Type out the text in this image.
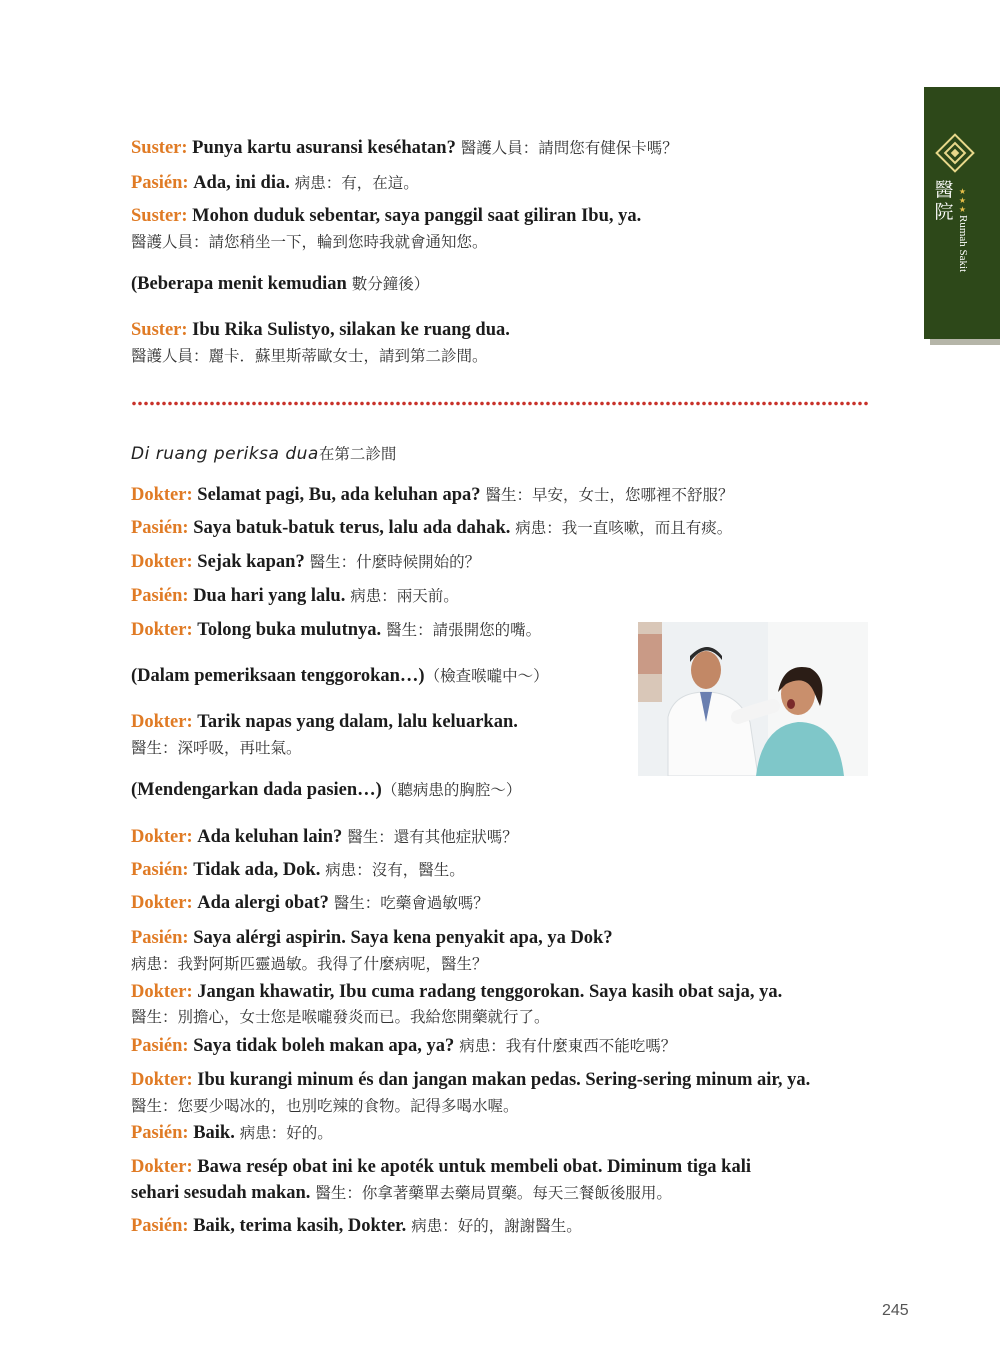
醫院 ★★★
Rumah Sakit
Suster: Punya kartu asuransi keséhatan? 醫護人員：請問您有健保卡嗎？
Pasién: Ada, ini dia. 病患：有，在這。
Suster: Mohon duduk sebentar, saya panggil saat giliran Ibu, ya.
醫護人員：請您稍坐一下，輪到您時我就會通知您。
(Beberapa menit kemudian 數分鐘後）
Suster: Ibu Rika Sulistyo, silakan ke ruang dua.
醫護人員：麗卡．蘇里斯蒂歐女士，請到第二診間。
Di ruang periksa dua在第二診間
Dokter: Selamat pagi, Bu, ada keluhan apa? 醫生：早安，女士，您哪裡不舒服？
Pasién: Saya batuk-batuk terus, lalu ada dahak. 病患：我一直咳嗽，而且有痰。
Dokter: Sejak kapan? 醫生：什麼時候開始的？
Pasién: Dua hari yang lalu. 病患：兩天前。
Dokter: Tolong buka mulutnya. 醫生：請張開您的嘴。
(Dalam pemeriksaan tenggorokan…)（檢查喉嚨中～）
Dokter: Tarik napas yang dalam, lalu keluarkan.
醫生：深呼吸，再吐氣。
(Mendengarkan dada pasien…)（聽病患的胸腔～）
Dokter: Ada keluhan lain? 醫生：還有其他症狀嗎？
Pasién: Tidak ada, Dok. 病患：沒有，醫生。
Dokter: Ada alergi obat? 醫生：吃藥會過敏嗎？
Pasién: Saya alérgi aspirin. Saya kena penyakit apa, ya Dok?
病患：我對阿斯匹靈過敏。我得了什麼病呢，醫生？
Dokter: Jangan khawatir, Ibu cuma radang tenggorokan. Saya kasih obat saja, ya.
醫生：別擔心，女士您是喉嚨發炎而已。我給您開藥就行了。
Pasién: Saya tidak boleh makan apa, ya? 病患：我有什麼東西不能吃嗎？
Dokter: Ibu kurangi minum és dan jangan makan pedas. Sering-sering minum air, ya.
醫生：您要少喝冰的，也別吃辣的食物。記得多喝水喔。
Pasién: Baik. 病患：好的。
Dokter: Bawa resép obat ini ke apoték untuk membeli obat. Diminum tiga kali
sehari sesudah makan. 醫生：你拿著藥單去藥局買藥。每天三餐飯後服用。
Pasién: Baik, terima kasih, Dokter. 病患：好的，謝謝醫生。
245
